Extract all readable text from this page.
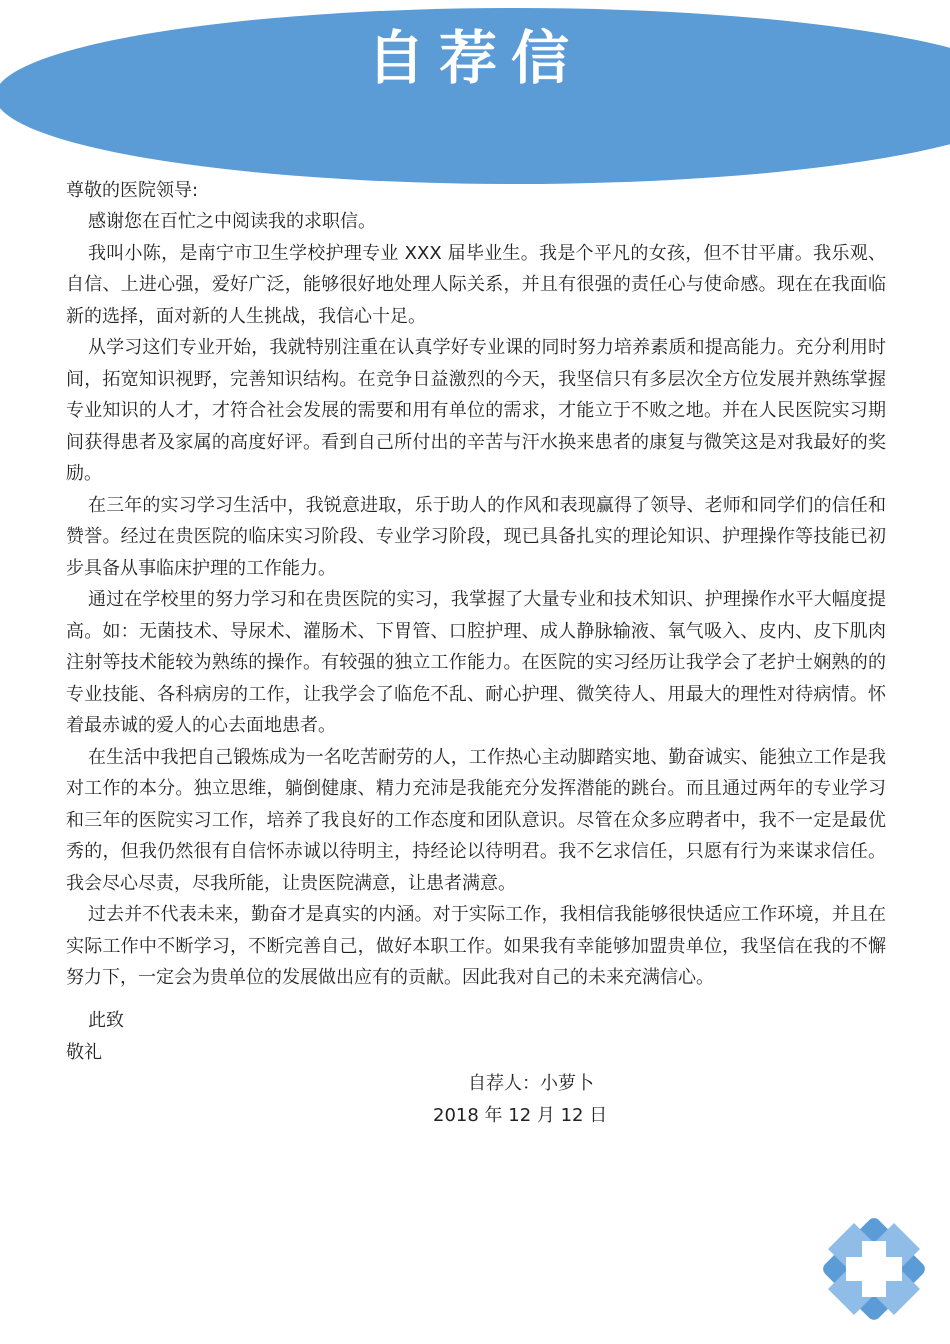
自荐信
尊敬的医院领导:

感谢您在百忙之中阅读我的求职信。

我叫小陈，是南宁市卫生学校护理专业 XXX 届毕业生。我是个平凡的女孩，但不甘平庸。我乐观、自信、上进心强，爱好广泛，能够很好地处理人际关系，并且有很强的责任心与使命感。现在在我面临新的选择，面对新的人生挑战，我信心十足。

从学习这们专业开始，我就特别注重在认真学好专业课的同时努力培养素质和提高能力。充分利用时间，拓宽知识视野，完善知识结构。在竞争日益激烈的今天，我坚信只有多层次全方位发展并熟练掌握专业知识的人才，才符合社会发展的需要和用有单位的需求，才能立于不败之地。并在人民医院实习期间获得患者及家属的高度好评。看到自己所付出的辛苦与汗水换来患者的康复与微笑这是对我最好的奖励。

在三年的实习学习生活中，我锐意进取，乐于助人的作风和表现赢得了领导、老师和同学们的信任和赞誉。经过在贵医院的临床实习阶段、专业学习阶段，现已具备扎实的理论知识、护理操作等技能已初步具备从事临床护理的工作能力。

通过在学校里的努力学习和在贵医院的实习，我掌握了大量专业和技术知识、护理操作水平大幅度提高。如：无菌技术、导尿术、灌肠术、下胃管、口腔护理、成人静脉输液、氧气吸入、皮内、皮下肌肉注射等技术能较为熟练的操作。有较强的独立工作能力。在医院的实习经历让我学会了老护士娴熟的的专业技能、各科病房的工作，让我学会了临危不乱、耐心护理、微笑待人、用最大的理性对待病情。怀着最赤诚的爱人的心去面地患者。

在生活中我把自己锻炼成为一名吃苦耐劳的人，工作热心主动脚踏实地、勤奋诚实、能独立工作是我对工作的本分。独立思维，躺倒健康、精力充沛是我能充分发挥潜能的跳台。而且通过两年的专业学习和三年的医院实习工作，培养了我良好的工作态度和团队意识。尽管在众多应聘者中，我不一定是最优秀的，但我仍然很有自信怀赤诚以待明主，持经论以待明君。我不乞求信任，只愿有行为来谋求信任。我会尽心尽责，尽我所能，让贵医院满意，让患者满意。

过去并不代表未来，勤奋才是真实的内涵。对于实际工作，我相信我能够很快适应工作环境，并且在实际工作中不断学习，不断完善自己，做好本职工作。如果我有幸能够加盟贵单位，我坚信在我的不懈努力下，一定会为贵单位的发展做出应有的贡献。因此我对自己的未来充满信心。

此致
敬礼
自荐人：小萝卜
2018 年 12 月 12 日
